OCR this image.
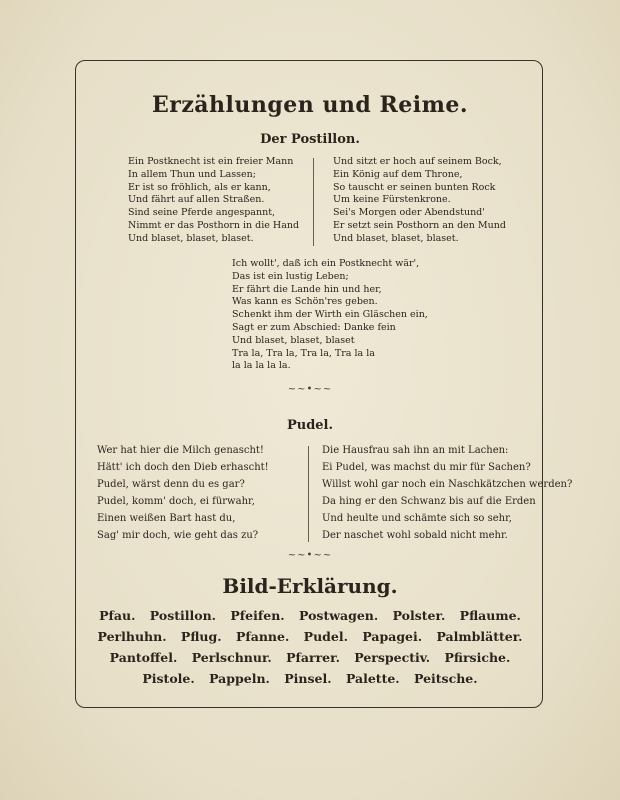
Erzählungen und Reime.
Der Postillon.
Ein Postknecht ist ein freier Mann
In allem Thun und Lassen;
Er ist so fröhlich, als er kann,
Und fährt auf allen Straßen.
Sind seine Pferde angespannt,
Nimmt er das Posthorn in die Hand
Und blaset, blaset, blaset.
Und sitzt er hoch auf seinem Bock,
Ein König auf dem Throne,
So tauscht er seinen bunten Rock
Um keine Fürstenkrone.
Sei's Morgen oder Abendstund'
Er setzt sein Posthorn an den Mund
Und blaset, blaset, blaset.
Ich wollt', daß ich ein Postknecht wär',
Das ist ein lustig Leben;
Er fährt die Lande hin und her,
Was kann es Schön'res geben.
Schenkt ihm der Wirth ein Gläschen ein,
Sagt er zum Abschied: Danke fein
Und blaset, blaset, blaset
Tra la, Tra la, Tra la, Tra la la
la la la la la.
~~•~~
Pudel.
Wer hat hier die Milch genascht!
Hätt' ich doch den Dieb erhascht!
Pudel, wärst denn du es gar?
Pudel, komm' doch, ei fürwahr,
Einen weißen Bart hast du,
Sag' mir doch, wie geht das zu?
Die Hausfrau sah ihn an mit Lachen:
Ei Pudel, was machst du mir für Sachen?
Willst wohl gar noch ein Naschkätzchen werden?
Da hing er den Schwanz bis auf die Erden
Und heulte und schämte sich so sehr,
Der naschet wohl sobald nicht mehr.
~~•~~
Bild-Erklärung.
Pfau. Postillon. Pfeifen. Postwagen. Polster. Pflaume.
Perlhuhn. Pflug. Pfanne. Pudel. Papagei. Palmblätter.
Pantoffel. Perlschnur. Pfarrer. Perspectiv. Pfirsiche.
Pistole. Pappeln. Pinsel. Palette. Peitsche.
